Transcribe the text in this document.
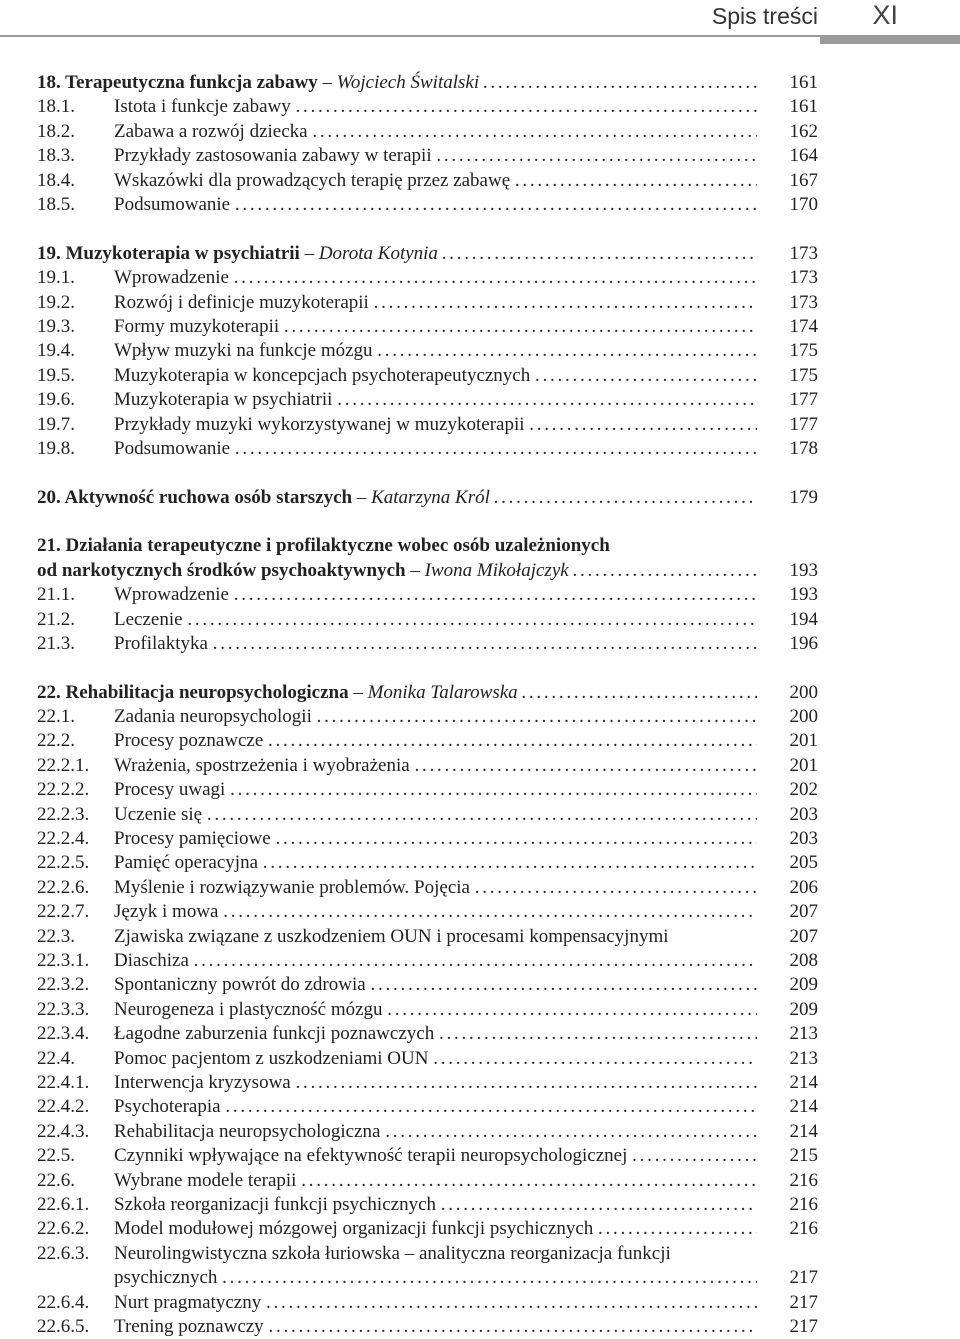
Spis treści XI
18. Terapeutyczna funkcja zabawy – Wojciech Świtalski . . .	161
18.1. Istota i funkcje zabawy . . .	161
18.2. Zabawa a rozwój dziecka . . .	162
18.3. Przykłady zastosowania zabawy w terapii . . .	164
18.4. Wskazówki dla prowadzących terapię przez zabawę . . .	167
18.5. Podsumowanie . . .	170
19. Muzykoterapia w psychiatrii – Dorota Kotynia . . .	173
19.1. Wprowadzenie . . .	173
19.2. Rozwój i definicje muzykoterapii . . .	173
19.3. Formy muzykoterapii . . .	174
19.4. Wpływ muzyki na funkcje mózgu . . .	175
19.5. Muzykoterapia w koncepcjach psychoterapeutycznych . . .	175
19.6. Muzykoterapia w psychiatrii . . .	177
19.7. Przykłady muzyki wykorzystywanej w muzykoterapii . . .	177
19.8. Podsumowanie . . .	178
20. Aktywność ruchowa osób starszych – Katarzyna Król . . .	179
21. Działania terapeutyczne i profilaktyczne wobec osób uzależnionych
od narkotycznych środków psychoaktywnych – Iwona Mikołajczyk . . .	193
21.1. Wprowadzenie . . .	193
21.2. Leczenie . . .	194
21.3. Profilaktyka . . .	196
22. Rehabilitacja neuropsychologiczna – Monika Talarowska . . .	200
22.1. Zadania neuropsychologii . . .	200
22.2. Procesy poznawcze . . .	201
22.2.1. Wrażenia, spostrzeżenia i wyobrażenia . . .	201
22.2.2. Procesy uwagi . . .	202
22.2.3. Uczenie się . . .	203
22.2.4. Procesy pamięciowe . . .	203
22.2.5. Pamięć operacyjna . . .	205
22.2.6. Myślenie i rozwiązywanie problemów. Pojęcia . . .	206
22.2.7. Język i mowa . . .	207
22.3. Zjawiska związane z uszkodzeniem OUN i procesami kompensacyjnymi	207
22.3.1. Diaschiza . . .	208
22.3.2. Spontaniczny powrót do zdrowia . . .	209
22.3.3. Neurogeneza i plastyczność mózgu . . .	209
22.3.4. Łagodne zaburzenia funkcji poznawczych . . .	213
22.4. Pomoc pacjentom z uszkodzeniami OUN . . .	213
22.4.1. Interwencja kryzysowa . . .	214
22.4.2. Psychoterapia . . .	214
22.4.3. Rehabilitacja neuropsychologiczna . . .	214
22.5. Czynniki wpływające na efektywność terapii neuropsychologicznej . . .	215
22.6. Wybrane modele terapii . . .	216
22.6.1. Szkoła reorganizacji funkcji psychicznych . . .	216
22.6.2. Model modułowej mózgowej organizacji funkcji psychicznych . . .	216
22.6.3. Neurolingwistyczna szkoła łuriowska – analityczna reorganizacja funkcji
psychicznych . . .	217
22.6.4. Nurt pragmatyczny . . .	217
22.6.5. Trening poznawczy . . .	217
